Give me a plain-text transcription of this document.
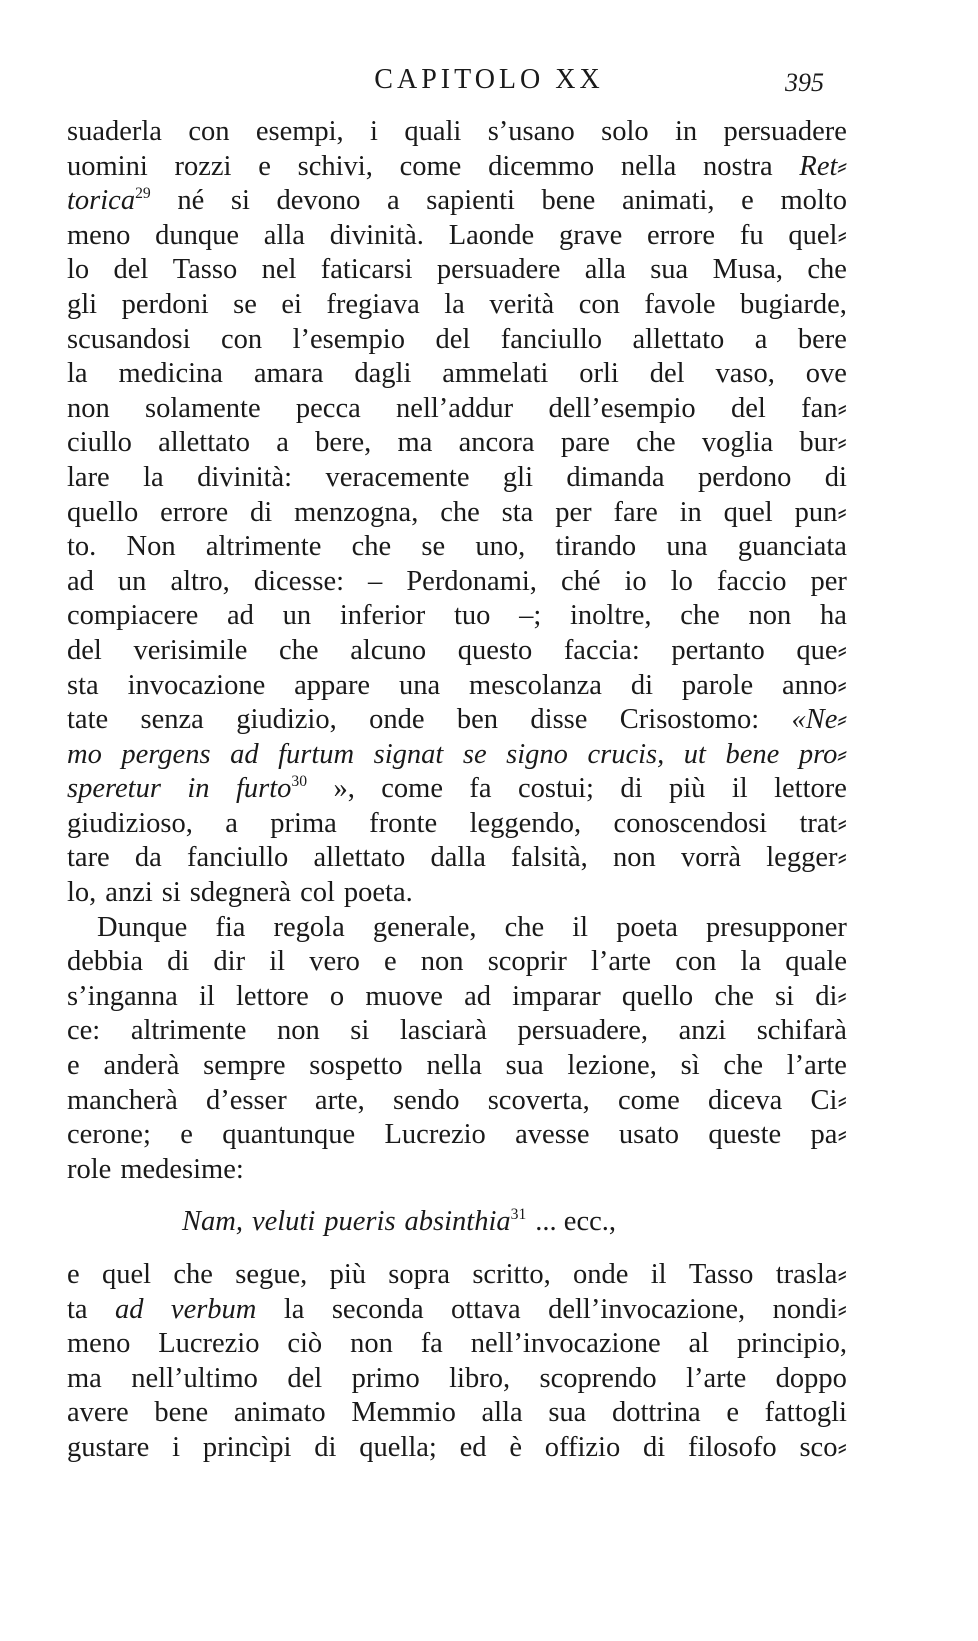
CAPITOLO XX	395
suaderla con esempi, i quali s’usano solo in persuadere
uomini rozzi e schivi, come dicemmo nella nostra Ret⸗
torica$^{29}$ né si devono a sapienti bene animati, e molto
meno dunque alla divinità. Laonde grave errore fu quel⸗
lo del Tasso nel faticarsi persuadere alla sua Musa, che
gli perdoni se ei fregiava la verità con favole bugiarde,
scusandosi con l’esempio del fanciullo allettato a bere
la medicina amara dagli ammelati orli del vaso, ove
non solamente pecca nell’addur dell’esempio del fan⸗
ciullo allettato a bere, ma ancora pare che voglia bur⸗
lare la divinità: veracemente gli dimanda perdono di
quello errore di menzogna, che sta per fare in quel pun⸗
to. Non altrimente che se uno, tirando una guanciata
ad un altro, dicesse: – Perdonami, ché io lo faccio per
compiacere ad un inferior tuo –; inoltre, che non ha
del verisimile che alcuno questo faccia: pertanto que⸗
sta invocazione appare una mescolanza di parole anno⸗
tate senza giudizio, onde ben disse Crisostomo: «Ne⸗
mo pergens ad furtum signat se signo crucis, ut bene pro⸗
speretur in furto$^{30}$ », come fa costui; di più il lettore
giudizioso, a prima fronte leggendo, conoscendosi trat⸗
tare da fanciullo allettato dalla falsità, non vorrà legger⸗
lo, anzi si sdegnerà col poeta.
Dunque fia regola generale, che il poeta presupponer
debbia di dir il vero e non scoprir l’arte con la quale
s’inganna il lettore o muove ad imparar quello che si di⸗
ce: altrimente non si lasciarà persuadere, anzi schifarà
e anderà sempre sospetto nella sua lezione, sì che l’arte
mancherà d’esser arte, sendo scoverta, come diceva Ci⸗
cerone; e quantunque Lucrezio avesse usato queste pa⸗
role medesime:
Nam, veluti pueris absinthia$^{31}$ ... ecc.,
e quel che segue, più sopra scritto, onde il Tasso trasla⸗
ta ad verbum la seconda ottava dell’invocazione, nondi⸗
meno Lucrezio ciò non fa nell’invocazione al principio,
ma nell’ultimo del primo libro, scoprendo l’arte doppo
avere bene animato Memmio alla sua dottrina e fattogli
gustare i princìpi di quella; ed è offizio di filosofo sco⸗
